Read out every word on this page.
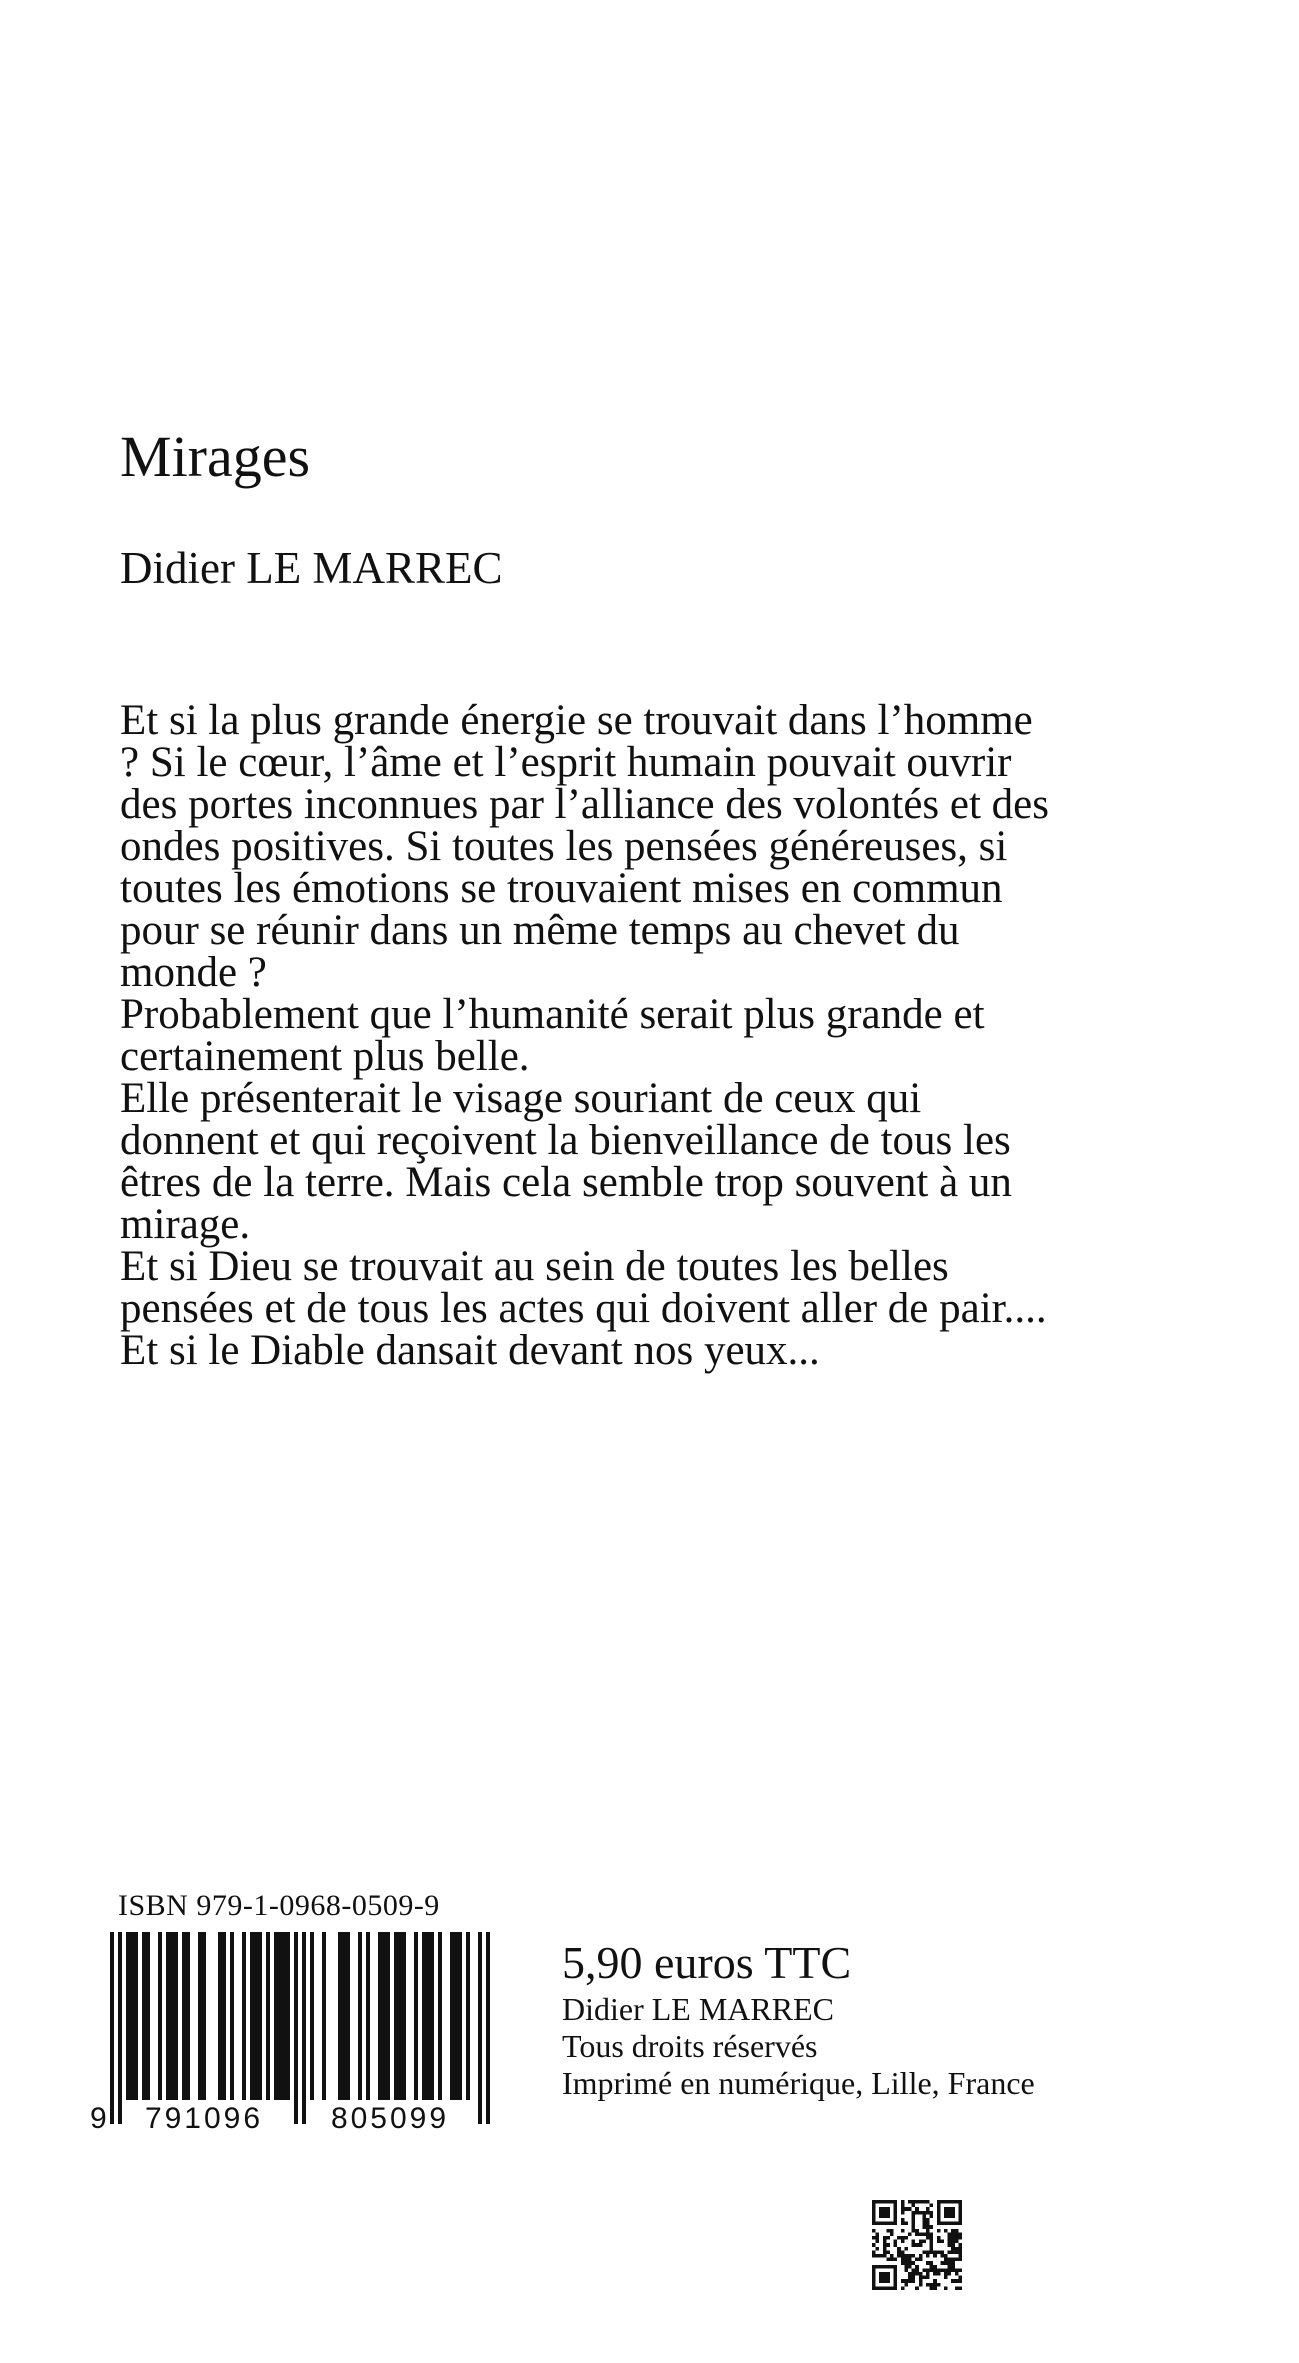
Mirages

Didier LE MARREC

Et si la plus grande énergie se trouvait dans l’homme ? Si le cœur, l’âme et l’esprit humain pouvait ouvrir des portes inconnues par l’alliance des volontés et des ondes positives. Si toutes les pensées généreuses, si toutes les émotions se trouvaient mises en commun pour se réunir dans un même temps au chevet du monde ?

Probablement que l’humanité serait plus grande et certainement plus belle.

Elle présenterait le visage souriant de ceux qui donnent et qui reçoivent la bienveillance de tous les êtres de la terre. Mais cela semble trop souvent à un mirage.

Et si Dieu se trouvait au sein de toutes les belles pensées et de tous les actes qui doivent aller de pair....

Et si le Diable dansait devant nos yeux...

ISBN 979-1-0968-0509-9
9 791096 805099

5,90 euros TTC

Didier LE MARREC

Tous droits réservés

Imprimé en numérique, Lille, France
